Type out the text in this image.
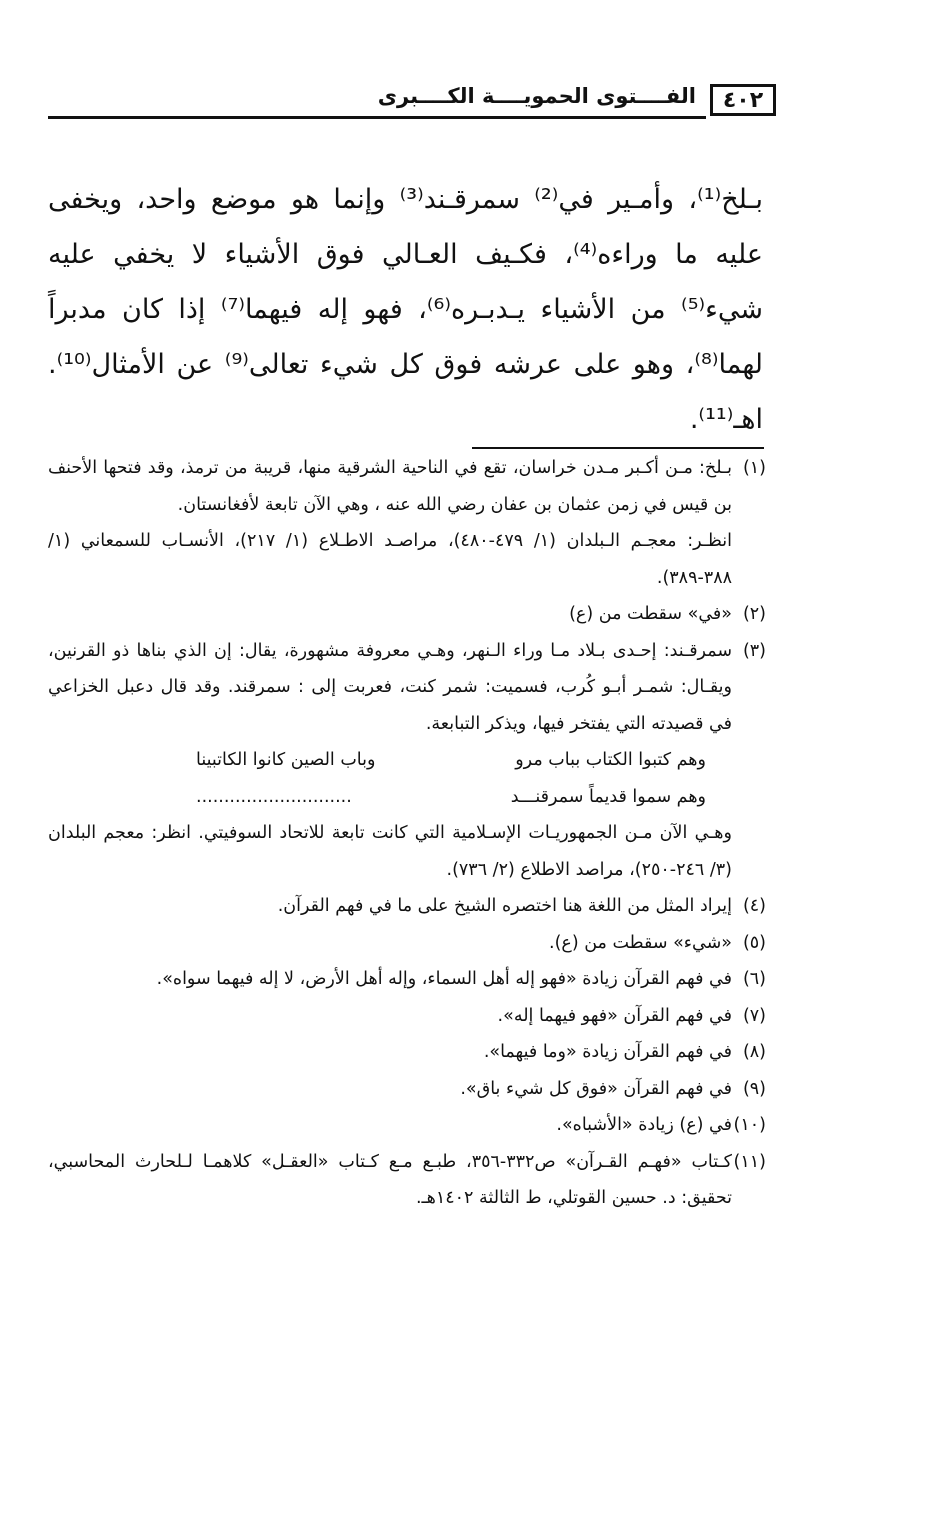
٤٠٢
الفــــتوى الحمويــــة الكــــبرى

بـلخ⁽¹⁾، وأمـير في⁽²⁾ سمرقـند⁽³⁾ وإنما هو موضع واحد، ويخفى عليه ما وراءه⁽⁴⁾، فكـيف العـالي فوق الأشياء لا يخفي عليه شيء⁽⁵⁾ من الأشياء يـدبـره⁽⁶⁾، فهو إله فيهما⁽⁷⁾ إذا كان مدبراً لهما⁽⁸⁾، وهو على عرشه فوق كل شيء تعالى⁽⁹⁾ عن الأمثال⁽¹⁰⁾. اهـ⁽¹¹⁾.

(١)
بـلخ: مـن أكـبر مـدن خراسان، تقع في الناحية الشرقية منها، قريبة من ترمذ، وقد فتحها الأحنف بن قيس في زمن عثمان بن عفان رضي الله عنه ، وهي الآن تابعة لأفغانستان.
انظـر: معجـم الـبلدان (١/ ٤٧٩-٤٨٠)، مراصـد الاطـلاع (١/ ٢١٧)، الأنسـاب للسمعاني (١/ ٣٨٨-٣٨٩).
(٢)
«في» سقطت من (ع)
(٣)
سمرقـند: إحـدى بـلاد مـا وراء الـنهر، وهـي معروفة مشهورة، يقال: إن الذي بناها ذو القرنين، ويقـال: شمـر أبـو كُرب، فسميت: شمر كنت، فعربت إلى : سمرقند. وقد قال دعبل الخزاعي في قصيدته التي يفتخر فيها، ويذكر التبابعة.
وهم كتبوا الكتاب بباب مرو
وباب الصين كانوا الكاتبينا
وهم سموا قديماً سمرقنـــد
............................
وهـي الآن مـن الجمهوريـات الإسـلامية التي كانت تابعة للاتحاد السوفيتي. انظر: معجم البلدان (٣/ ٢٤٦-٢٥٠)، مراصد الاطلاع (٢/ ٧٣٦).
(٤)
إيراد المثل من اللغة هنا اختصره الشيخ على ما في فهم القرآن.
(٥)
«شيء» سقطت من (ع).
(٦)
في فهم القرآن زيادة «فهو إله أهل السماء، وإله أهل الأرض، لا إله فيهما سواه».
(٧)
في فهم القرآن «فهو فيهما إله».
(٨)
في فهم القرآن زيادة «وما فيهما».
(٩)
في فهم القرآن «فوق كل شيء باق».
(١٠)
في (ع) زيادة «الأشباه».
(١١)
كـتاب «فهـم القـرآن» ص٣٣٢-٣٥٦، طبـع مـع كـتاب «العقـل» كلاهمـا لـلحارث المحاسبي، تحقيق: د. حسين القوتلي، ط الثالثة ١٤٠٢هـ.
